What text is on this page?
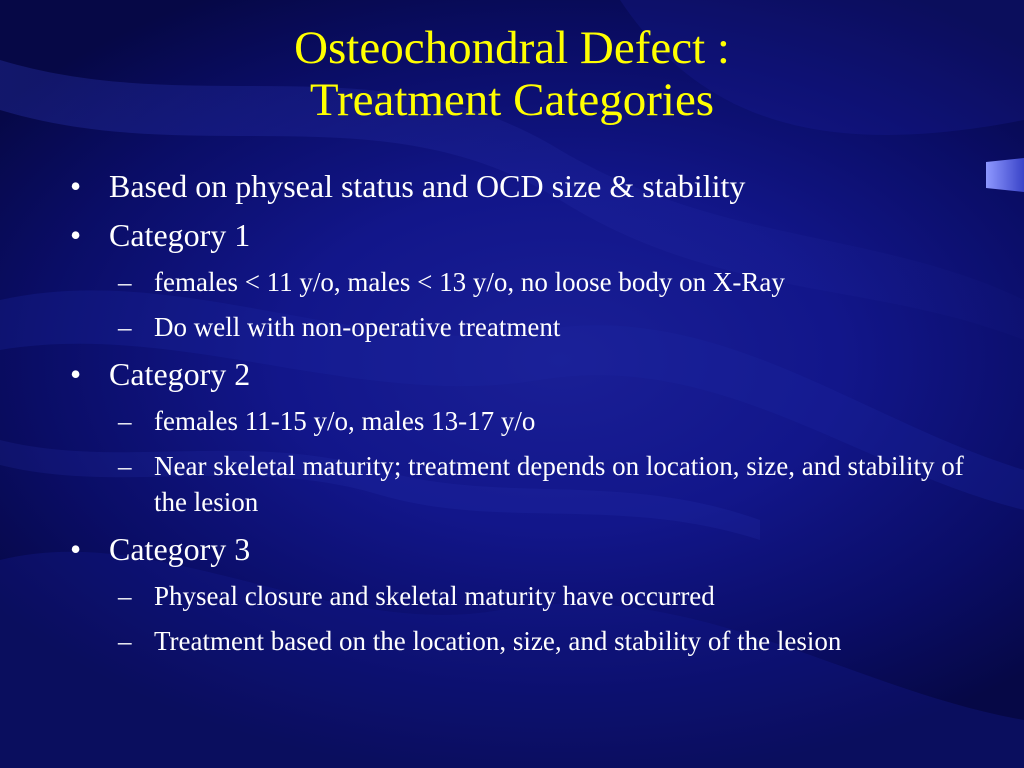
Osteochondral Defect :
Treatment Categories
• Based on physeal status and OCD size & stability
• Category 1
– females < 11 y/o, males < 13 y/o, no loose body on X-Ray
– Do well with non-operative treatment
• Category 2
– females 11-15 y/o, males 13-17 y/o
– Near skeletal maturity; treatment depends on location, size, and stability of the lesion
• Category 3
– Physeal closure and skeletal maturity have occurred
– Treatment based on the location, size, and stability of the lesion
